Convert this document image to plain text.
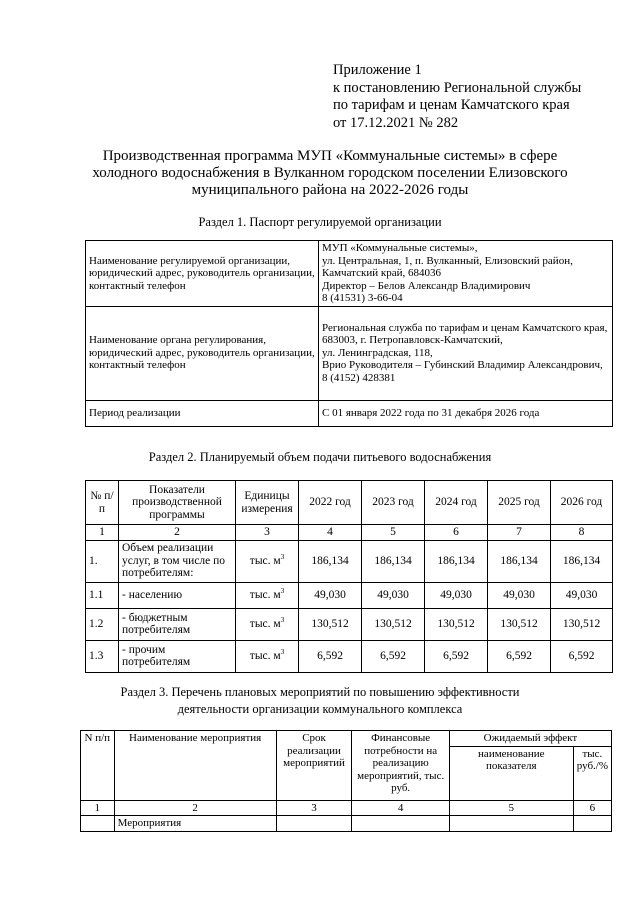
Приложение 1
к постановлению Региональной службы
по тарифам и ценам Камчатского края
от 17.12.2021 № 282
Производственная программа МУП «Коммунальные системы» в сфере
холодного водоснабжения в Вулканном городском поселении Елизовского
муниципального района на 2022-2026 годы
Раздел 1. Паспорт регулируемой организации
Наименование регулируемой организации, юридический адрес, руководитель организации, контактный телефон	МУП «Коммунальные системы»,
ул. Центральная, 1, п. Вулканный, Елизовский район, Камчатский край, 684036
Директор – Белов Александр Владимирович
8 (41531) 3-66-04

Наименование органа регулирования, юридический адрес, руководитель организации, контактный телефон	Региональная служба по тарифам и ценам Камчатского края,
683003, г. Петропавловск-Камчатский,
ул. Ленинградская, 118,
Врио Руководителя – Губинский Владимир Александрович,
8 (4152) 428381

Период реализации	С 01 января 2022 года по 31 декабря 2026 года
Раздел 2. Планируемый объем подачи питьевого водоснабжения
№ п/п	Показатели производственной программы	Единицы измерения	2022 год	2023 год	2024 год	2025 год	2026 год
1	2	3	4	5	6	7	8
1.	Объем реализации услуг, в том числе по потребителям:	тыс. $м^3$	186,134	186,134	186,134	186,134	186,134
1.1	- населению	тыс. $м^3$	49,030	49,030	49,030	49,030	49,030
1.2	- бюджетным потребителям	тыс. $м^3$	130,512	130,512	130,512	130,512	130,512
1.3	- прочим потребителям	тыс. $м^3$	6,592	6,592	6,592	6,592	6,592
Раздел 3. Перечень плановых мероприятий по повышению эффективности
деятельности организации коммунального комплекса
N п/п	Наименование мероприятия	Срок реализации мероприятий	Финансовые потребности на реализацию мероприятий, тыс. руб.	Ожидаемый эффект	
				наименование показателя	тыс. руб./%
1	2	3	4	5	6
	Мероприятия				
